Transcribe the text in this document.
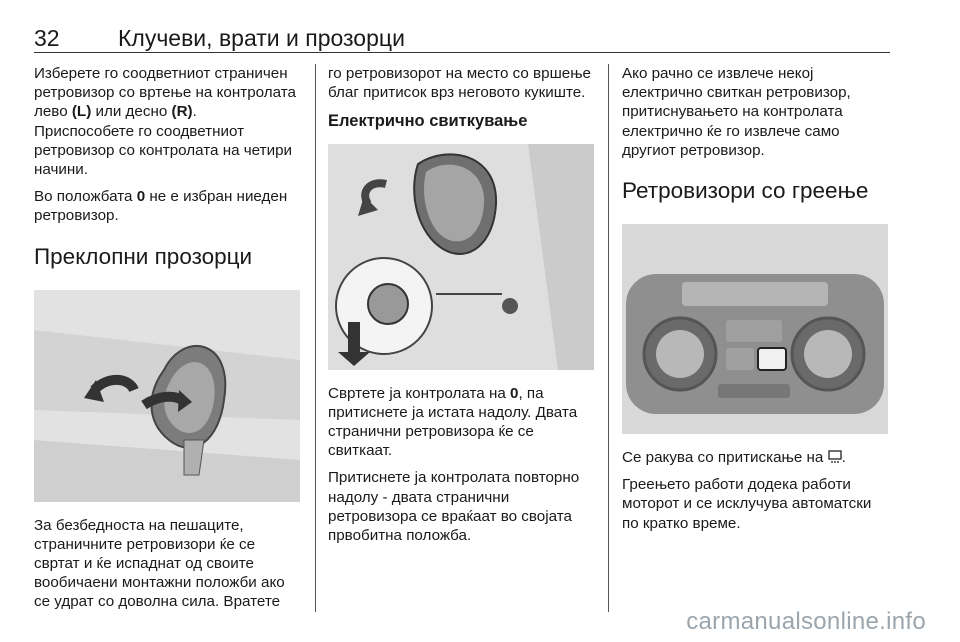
32	Клучеви, врати и прозорци

Изберете го соодветниот страничен ретровизор со вртење на контролата лево (L) или десно (R). Приспособете го соодветниот ретровизор со контролата на четири начини.

Во положбата 0 не е избран ниеден ретровизор.

Преклопни прозорци

За безбедноста на пешаците, страничните ретровизори ќе се свртат и ќе испаднат од своите вообичаени монтажни положби ако се удрат со доволна сила. Вратете

го ретровизорот на место со вршење благ притисок врз неговото кукиште.

Електрично свиткување

Свртете ја контролата на 0, па притиснете ја истата надолу. Двата странични ретровизора ќе се свиткаат.

Притиснете ја контролата повторно надолу - двата странични ретровизора се враќаат во својата првобитна положба.

Ако рачно се извлече некој електрично свиткан ретровизор, притиснувањето на контролата електрично ќе го извлече само другиот ретровизор.

Ретровизори со греење

Се ракува со притискање на .

Греењето работи додека работи моторот и се исклучува автоматски по кратко време.

carmanualsonline.info
